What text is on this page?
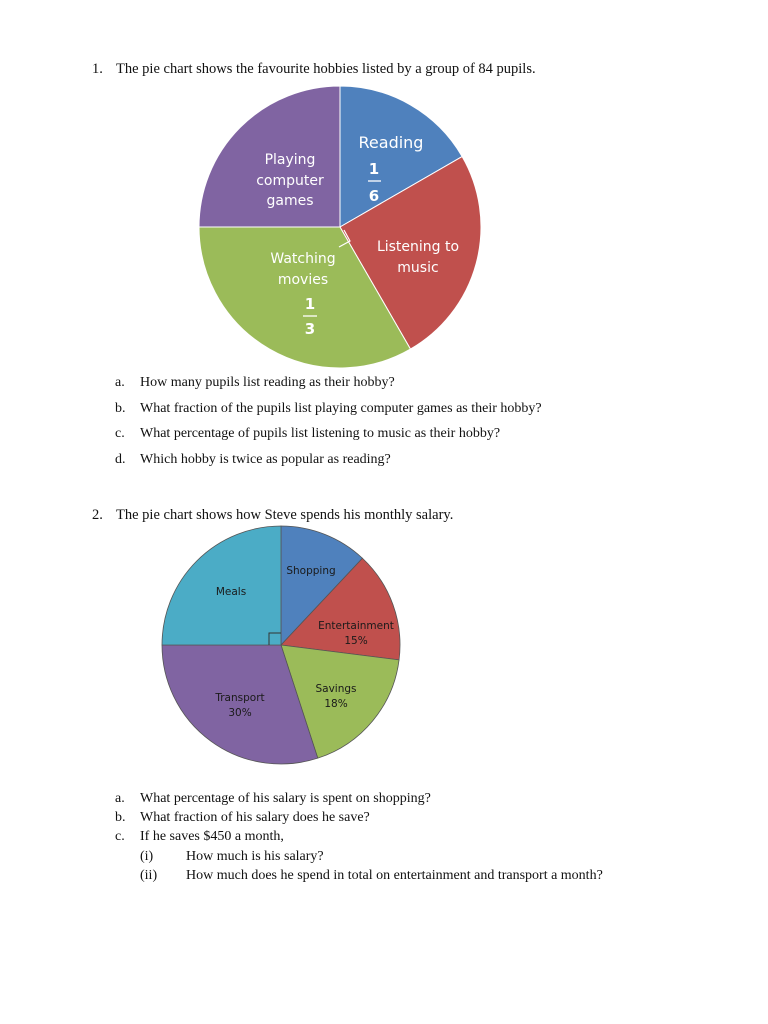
1. The pie chart shows the favourite hobbies listed by a group of 84 pupils.
Reading
1
6
Listening to
music
Watching
movies
1
3
Playing
computer
games
Shopping
Entertainment
15%
Savings
18%
Transport
30%
Meals
a. How many pupils list reading as their hobby?
b. What fraction of the pupils list playing computer games as their hobby?
c. What percentage of pupils list listening to music as their hobby?
d. Which hobby is twice as popular as reading?
2. The pie chart shows how Steve spends his monthly salary.
a. What percentage of his salary is spent on shopping?
b. What fraction of his salary does he save?
c. If he saves $450 a month,
(i) How much is his salary?
(ii) How much does he spend in total on entertainment and transport a month?
